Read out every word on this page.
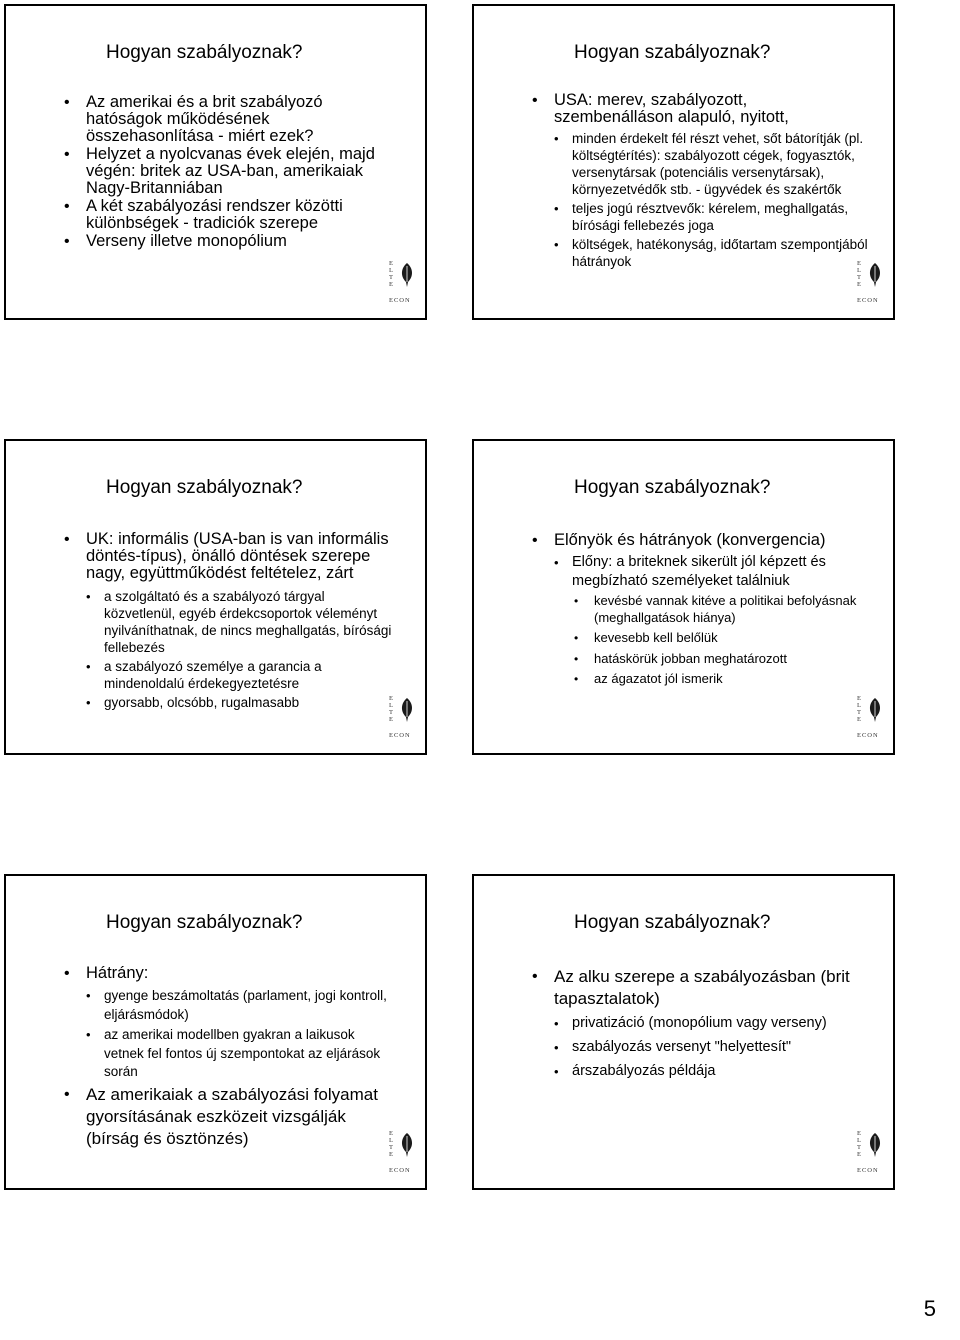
Hogyan szabályoznak?
• Az amerikai és a brit szabályozó hatóságok működésének összehasonlítása - miért ezek?
• Helyzet a nyolcvanas évek elején, majd végén: britek az USA-ban, amerikaiak Nagy-Britanniában
• A két szabályozási rendszer közötti különbségek - tradiciók szerepe
• Verseny illetve monopólium
E
L
T
E
ECON
Hogyan szabályoznak?
• USA: merev, szabályozott, szembenálláson alapuló, nyitott,
• minden érdekelt fél részt vehet, sőt bátorítják (pl. költségtérítés): szabályozott cégek, fogyasztók, versenytársak (potenciális versenytársak), környezetvédők stb. - ügyvédek és szakértők
• teljes jogú résztvevők: kérelem, meghallgatás, bírósági fellebezés joga
• költségek, hatékonyság, időtartam szempontjából hátrányok	E
L
T
E
ECON
Hogyan szabályoznak?
• UK: informális (USA-ban is van informális döntés-típus), önálló döntések szerepe nagy, együttműködést feltételez, zárt
• a szolgáltató és a szabályozó tárgyal közvetlenül, egyéb érdekcsoportok véleményt nyilváníthatnak, de nincs meghallgatás, bírósági fellebezés
• a szabályozó személye a garancia a mindenoldalú érdekegyeztetésre
• gyorsabb, olcsóbb, rugalmasabb	E
L
T
E
ECON
Hogyan szabályoznak?
• Előnyök és hátrányok (konvergencia)
• Előny: a briteknek sikerült jól képzett és megbízható személyeket találniuk
• kevésbé vannak kitéve a politikai befolyásnak (meghallgatások hiánya)
• kevesebb kell belőlük
• hatáskörük jobban meghatározott
• az ágazatot jól ismerik
E
L
T
E
ECON
Hogyan szabályoznak?
• Hátrány:
• gyenge beszámoltatás (parlament, jogi kontroll, eljárásmódok)
• az amerikai modellben gyakran a laikusok vetnek fel fontos új szempontokat az eljárások során
• Az amerikaiak a szabályozási folyamat gyorsításának eszközeit vizsgálják (bírság és ösztönzés)	E
L
T
E
ECON
Hogyan szabályoznak?
• Az alku szerepe a szabályozásban (brit tapasztalatok)
• privatizáció (monopólium vagy verseny)
• szabályozás versenyt "helyettesít"
• árszabályozás példája
E
L
T
E
ECON
5
